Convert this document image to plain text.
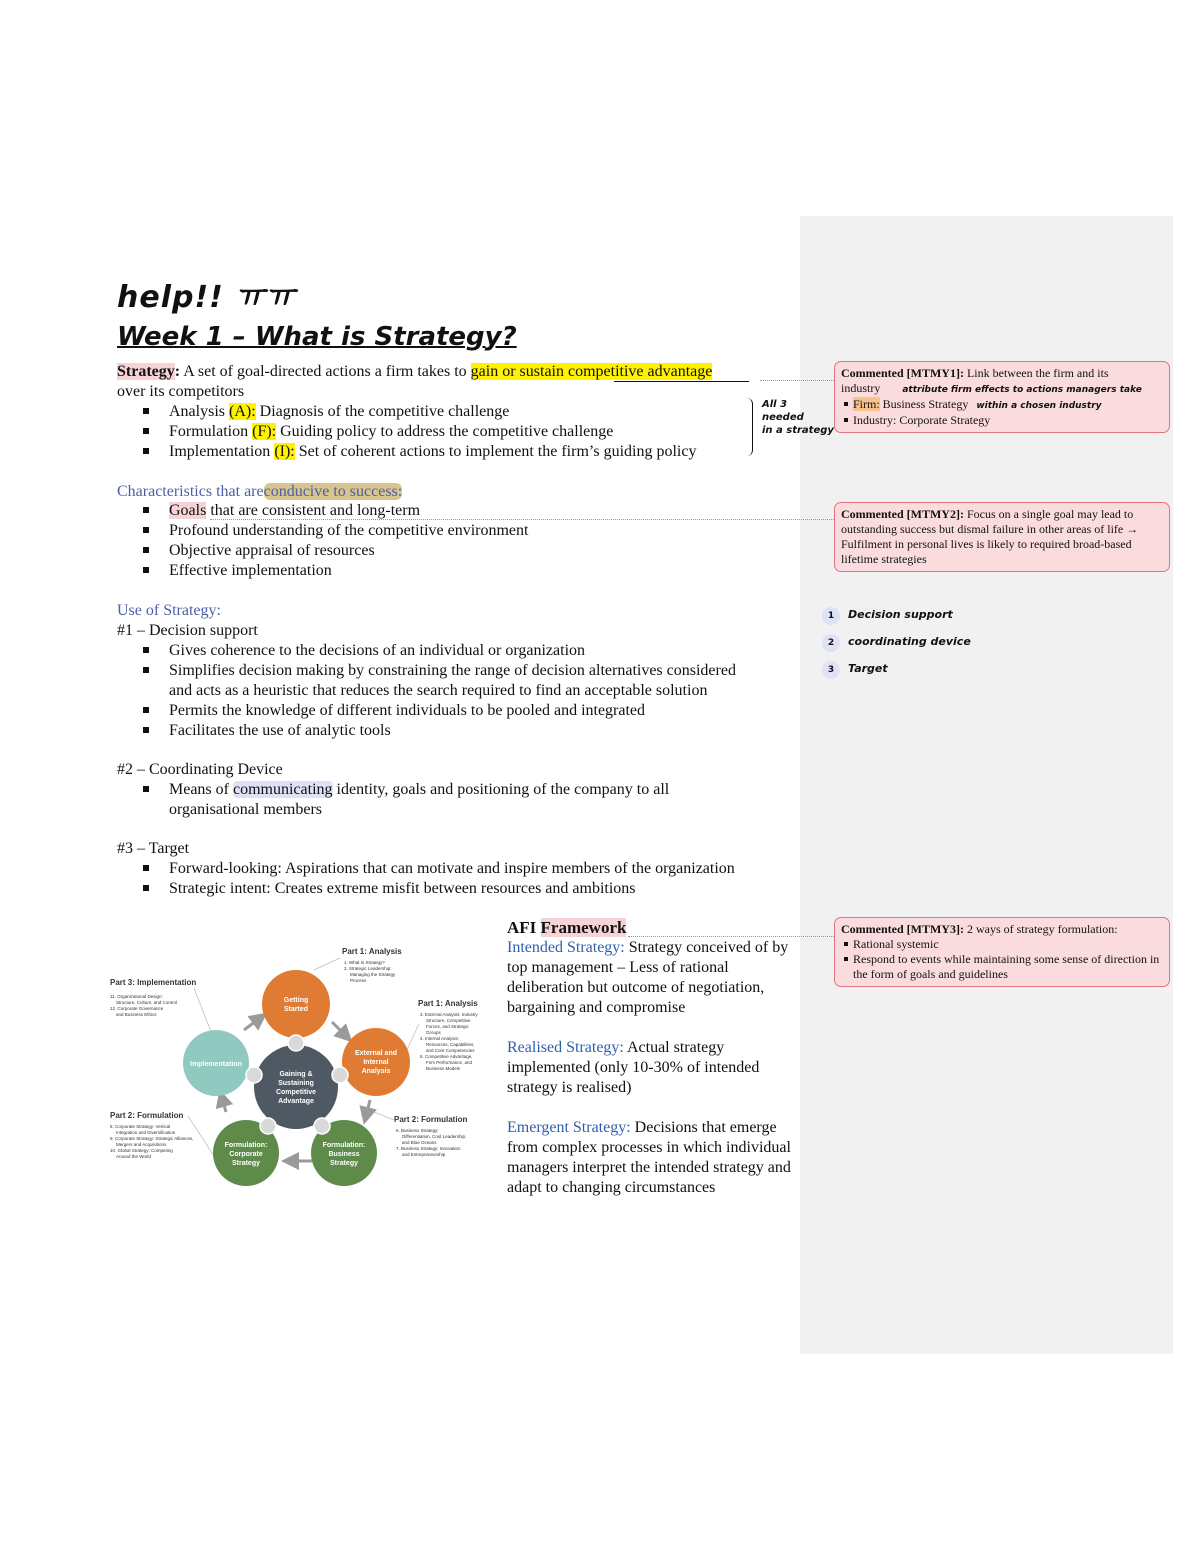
help!! ㅠㅠ
Week 1 – What is Strategy?
Strategy: A set of goal-directed actions a firm takes to gain or sustain competitive advantage
over its competitors
Analysis (A): Diagnosis of the competitive challenge
Formulation (F): Guiding policy to address the competitive challenge
Implementation (I): Set of coherent actions to implement the firm’s guiding policy
All 3
needed
in a strategy
Characteristics that areconducive to success:
Goals that are consistent and long-term
Profound understanding of the competitive environment
Objective appraisal of resources
Effective implementation
Use of Strategy:
#1 – Decision support
Gives coherence to the decisions of an individual or organization
Simplifies decision making by constraining the range of decision alternatives considered
and acts as a heuristic that reduces the search required to find an acceptable solution
Permits the knowledge of different individuals to be pooled and integrated
Facilitates the use of analytic tools
#2 – Coordinating Device
Means of communicating identity, goals and positioning of the company to all
organisational members
#3 – Target
Forward-looking: Aspirations that can motivate and inspire members of the organization
Strategic intent: Creates extreme misfit between resources and ambitions
1 Decision support
2 coordinating device
3 Target
AFI Framework
Intended Strategy: Strategy conceived of by top management – Less of rational deliberation but outcome of negotiation, bargaining and compromise
Realised Strategy: Actual strategy implemented (only 10-30% of intended strategy is realised)
Emergent Strategy: Decisions that emerge from complex processes in which individual managers interpret the intended strategy and adapt to changing circumstances
Commented [MTMY1]: Link between the firm and its
industry attribute firm effects to actions managers take
Firm: Business Strategy within a chosen industry
Industry: Corporate Strategy
Commented [MTMY2]: Focus on a single goal may lead to outstanding success but dismal failure in other areas of life → Fulfilment in personal lives is likely to required broad-based lifetime strategies
Commented [MTMY3]: 2 ways of strategy formulation:
Rational systemic
Respond to events while maintaining some sense of direction in the form of goals and guidelines
Getting
Started
External and
Internal
Analysis
Formulation:
Business
Strategy
Formulation:
Corporate
Strategy
Implementation
Gaining &
Sustaining
Competitive
Advantage
Part 1: Analysis
1. What Is Strategy?
2. Strategic Leadership:
Managing the Strategy
Process
Part 1: Analysis
3. External Analysis: Industry
Structure, Competitive
Forces, and Strategic
Groups
4. Internal Analysis:
Resources, Capabilities,
and Core Competencies
5. Competitive Advantage,
Firm Performance, and
Business Models
Part 2: Formulation
6. Business Strategy:
Differentiation, Cost Leadership,
and Blue Oceans
7. Business Strategy: Innovation
and Entrepreneurship
Part 2: Formulation
8. Corporate Strategy: Vertical
Integration and Diversification
9. Corporate Strategy: Strategic Alliances,
Mergers and Acquisitions
10. Global Strategy: Competing
Around the World
Part 3: Implementation
11. Organizational Design:
Structure, Culture, and Control
12. Corporate Governance
and Business Ethics
